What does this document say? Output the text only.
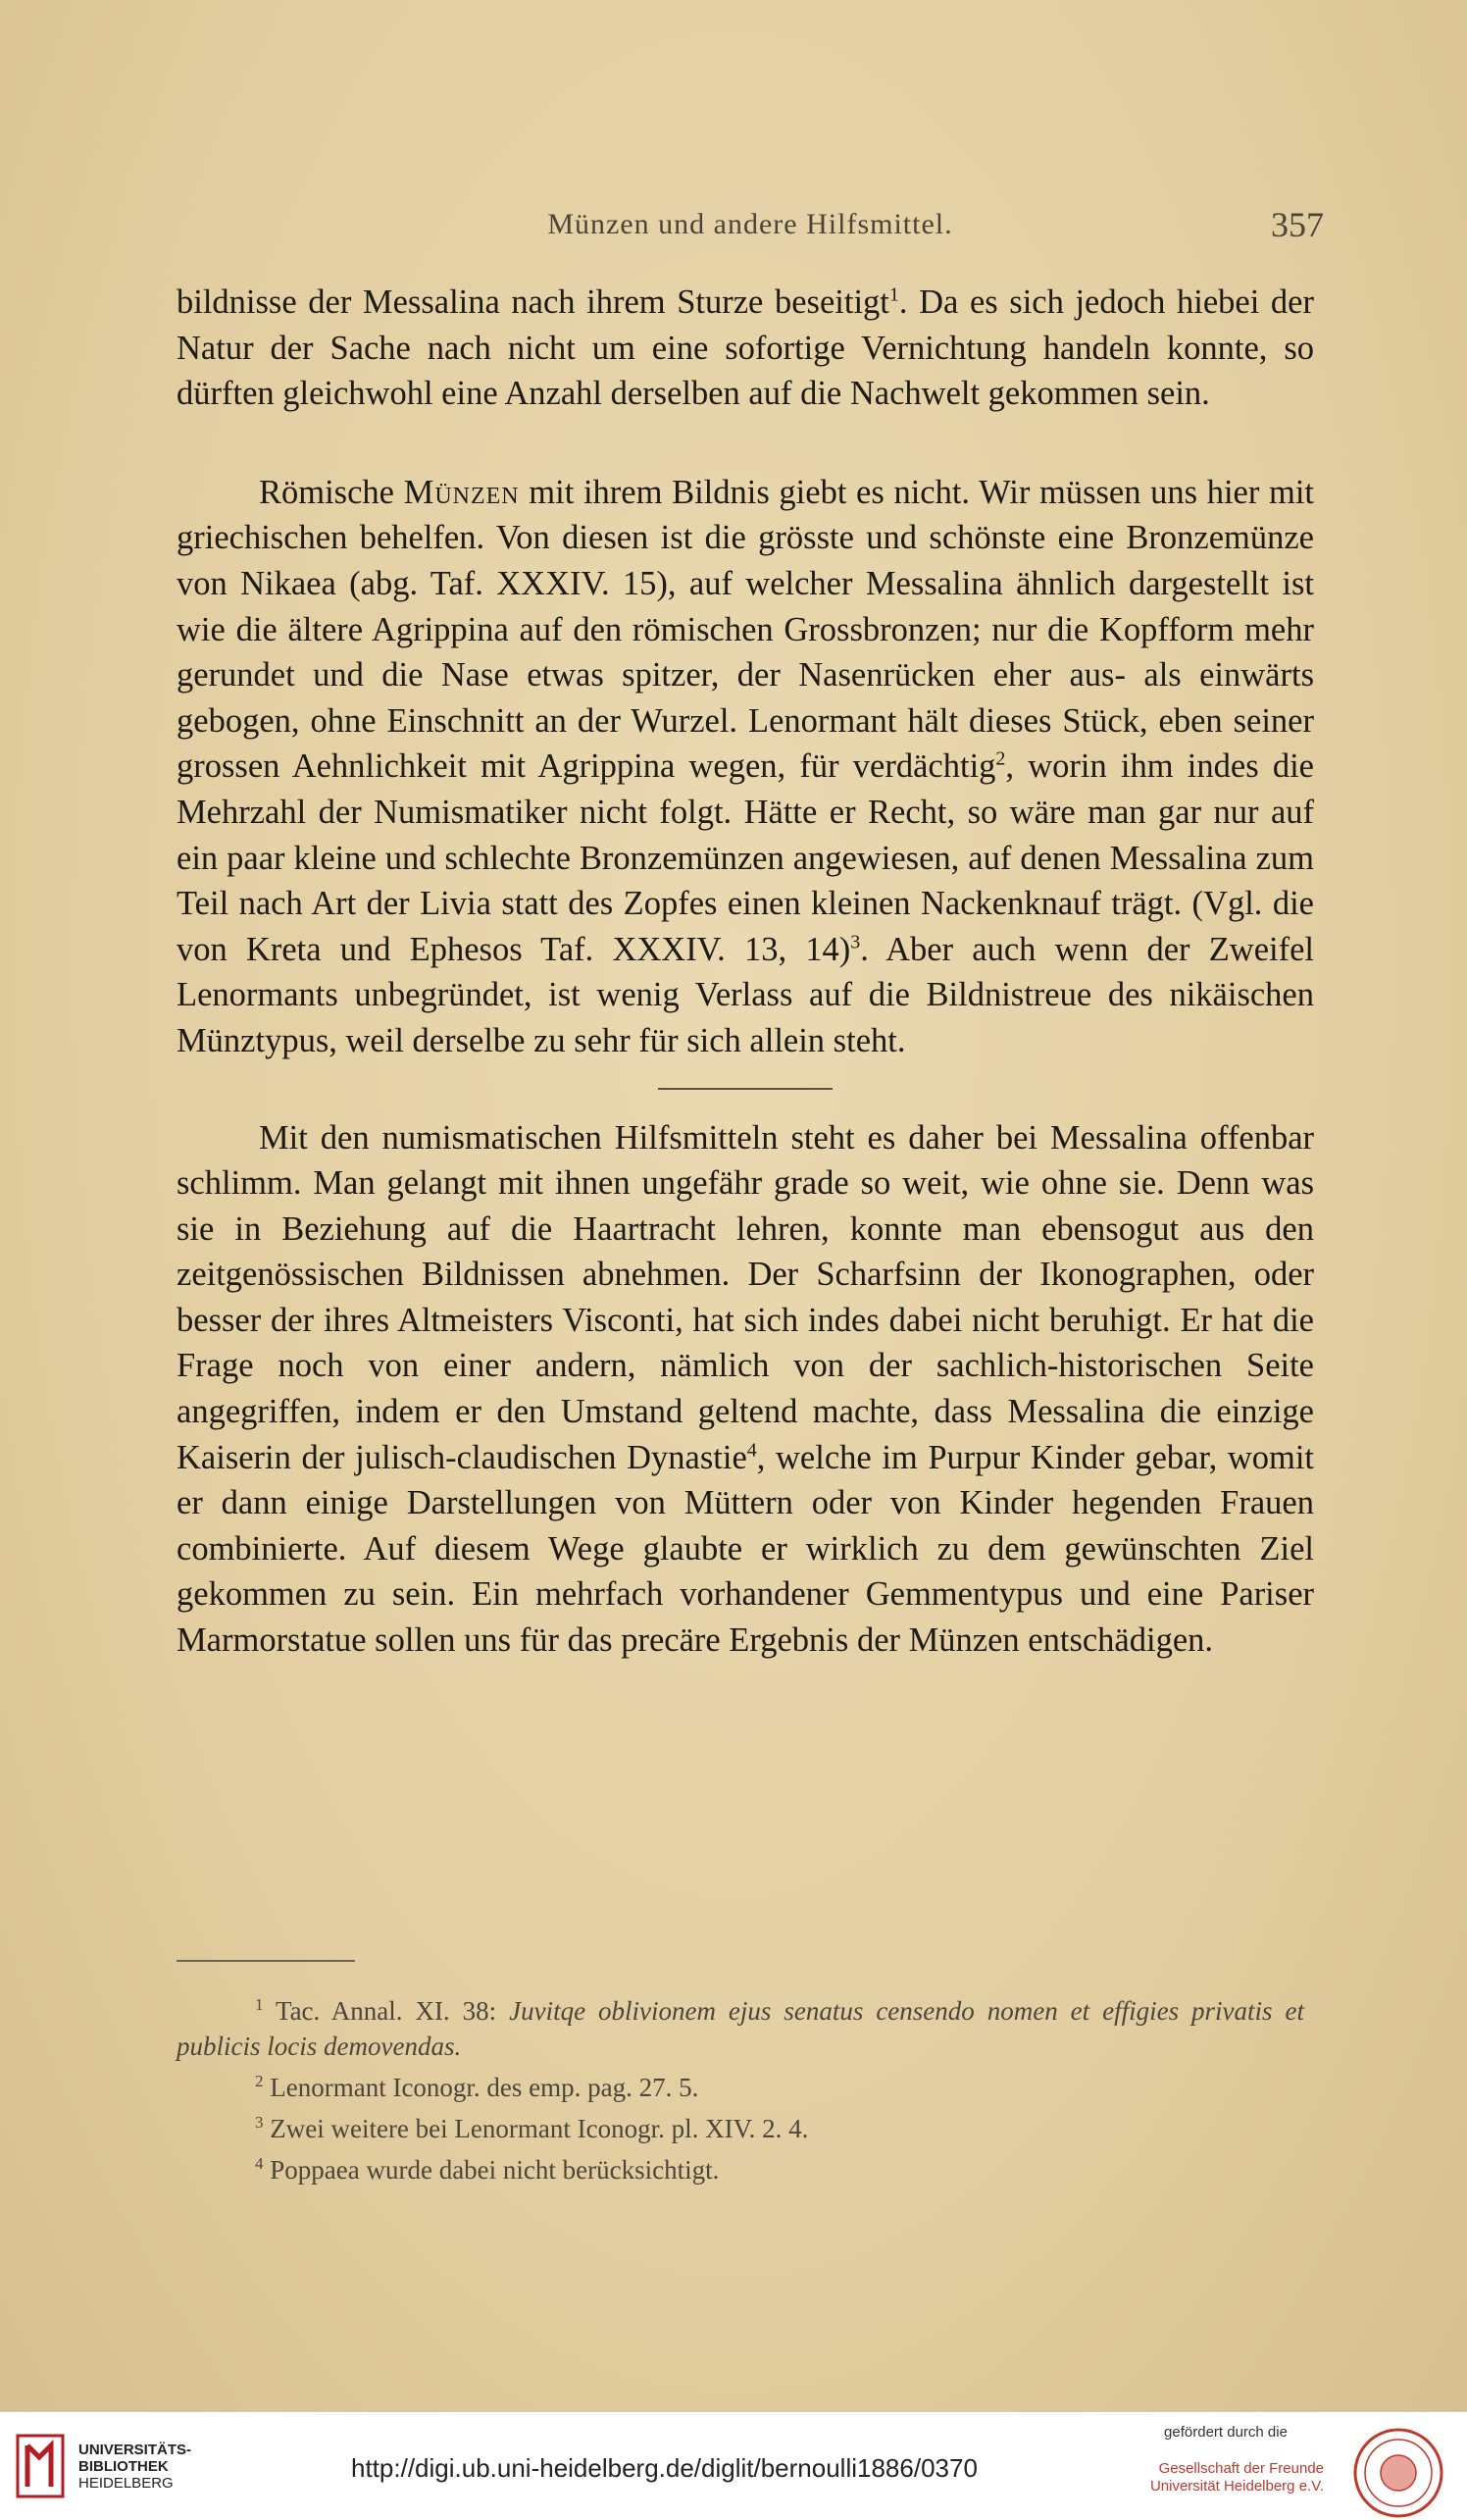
Münzen und andere Hilfsmittel.	357

bildnisse der Messalina nach ihrem Sturze beseitigt$^1$. Da es sich jedoch hiebei der Natur der Sache nach nicht um eine sofortige Vernichtung handeln konnte, so dürften gleichwohl eine Anzahl derselben auf die Nachwelt gekommen sein.

Römische Münzen mit ihrem Bildnis giebt es nicht. Wir müssen uns hier mit griechischen behelfen. Von diesen ist die grösste und schönste eine Bronzemünze von Nikaea (abg. Taf. XXXIV. 15), auf welcher Messalina ähnlich dargestellt ist wie die ältere Agrippina auf den römischen Grossbronzen; nur die Kopfform mehr gerundet und die Nase etwas spitzer, der Nasenrücken eher aus- als einwärts gebogen, ohne Einschnitt an der Wurzel. Lenormant hält dieses Stück, eben seiner grossen Aehnlichkeit mit Agrippina wegen, für verdächtig$^2$, worin ihm indes die Mehrzahl der Numismatiker nicht folgt. Hätte er Recht, so wäre man gar nur auf ein paar kleine und schlechte Bronzemünzen angewiesen, auf denen Messalina zum Teil nach Art der Livia statt des Zopfes einen kleinen Nackenknauf trägt. (Vgl. die von Kreta und Ephesos Taf. XXXIV. 13, 14)$^3$. Aber auch wenn der Zweifel Lenormants unbegründet, ist wenig Verlass auf die Bildnistreue des nikäischen Münztypus, weil derselbe zu sehr für sich allein steht.

Mit den numismatischen Hilfsmitteln steht es daher bei Messalina offenbar schlimm. Man gelangt mit ihnen ungefähr grade so weit, wie ohne sie. Denn was sie in Beziehung auf die Haartracht lehren, konnte man ebensogut aus den zeitgenössischen Bildnissen abnehmen. Der Scharfsinn der Ikonographen, oder besser der ihres Altmeisters Visconti, hat sich indes dabei nicht beruhigt. Er hat die Frage noch von einer andern, nämlich von der sachlich-historischen Seite angegriffen, indem er den Umstand geltend machte, dass Messalina die einzige Kaiserin der julisch-claudischen Dynastie$^4$, welche im Purpur Kinder gebar, womit er dann einige Darstellungen von Müttern oder von Kinder hegenden Frauen combinierte. Auf diesem Wege glaubte er wirklich zu dem gewünschten Ziel gekommen zu sein. Ein mehrfach vorhandener Gemmentypus und eine Pariser Marmorstatue sollen uns für das precäre Ergebnis der Münzen entschädigen.

$^1$ Tac. Annal. XI. 38: Juvitqe oblivionem ejus senatus censendo nomen et effigies privatis et publicis locis demovendas.

$^2$ Lenormant Iconogr. des emp. pag. 27. 5.

$^3$ Zwei weitere bei Lenormant Iconogr. pl. XIV. 2. 4.

$^4$ Poppaea wurde dabei nicht berücksichtigt.

UNIVERSITÄTS-
BIBLIOTHEK
HEIDELBERG
http://digi.ub.uni-heidelberg.de/diglit/bernoulli1886/0370
gefördert durch die
Gesellschaft der Freunde
Universität Heidelberg e.V.
